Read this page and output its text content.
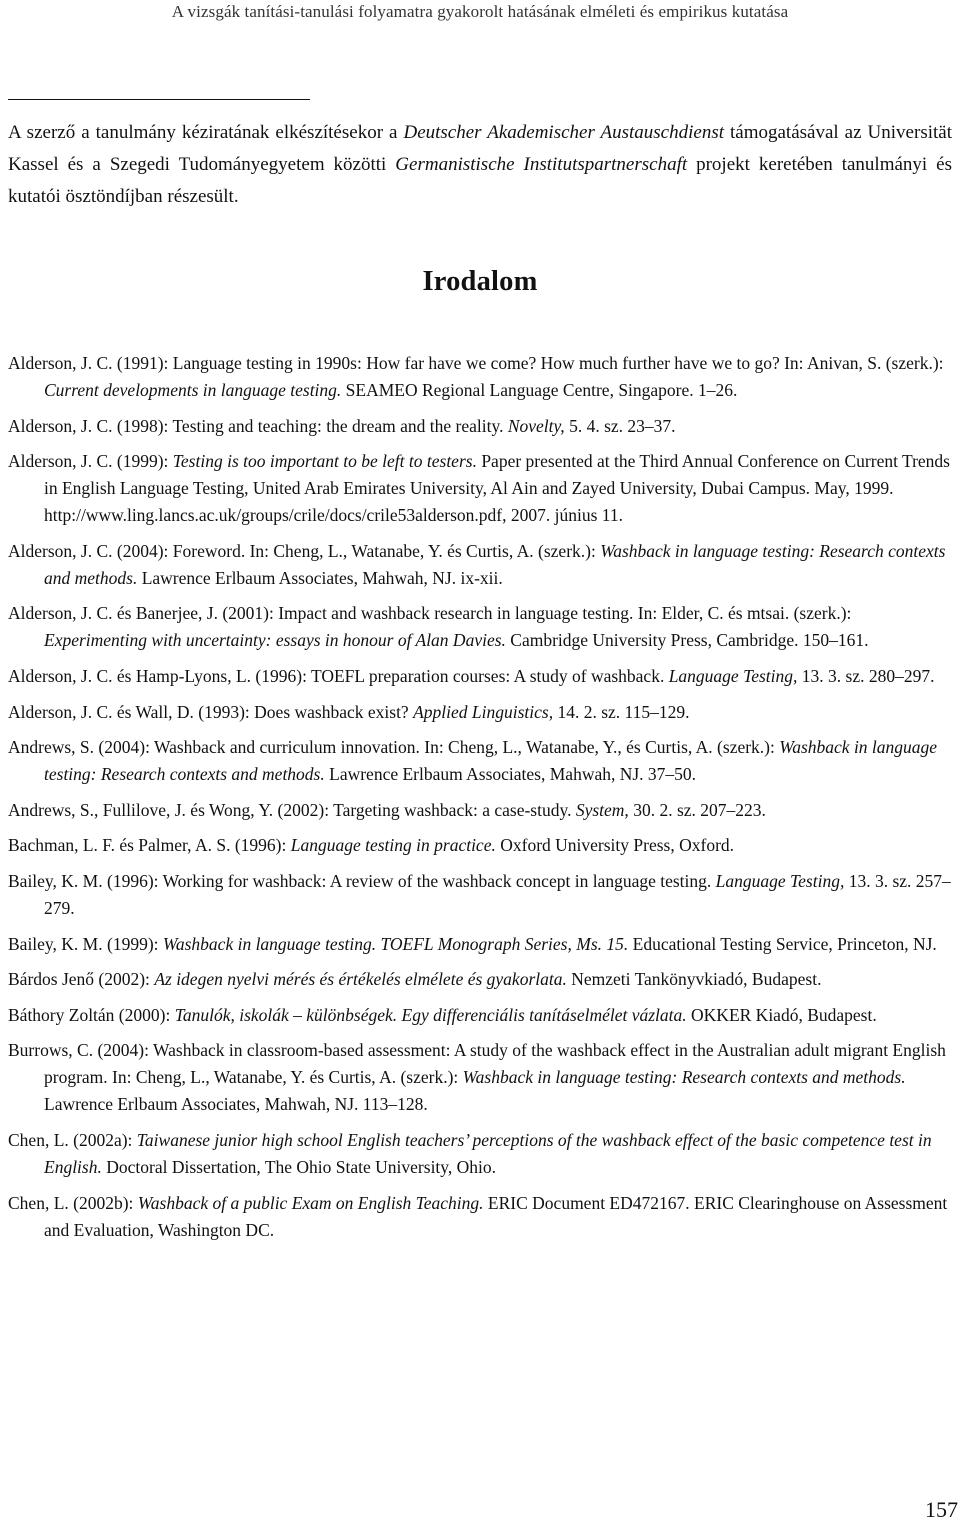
A vizsgák tanítási-tanulási folyamatra gyakorolt hatásának elméleti és empirikus kutatása
A szerző a tanulmány kéziratának elkészítésekor a Deutscher Akademischer Austauschdienst támogatásával az Universität Kassel és a Szegedi Tudományegyetem közötti Germanistische Institutspartnerschaft projekt keretében tanulmányi és kutatói ösztöndíjban részesült.
Irodalom
Alderson, J. C. (1991): Language testing in 1990s: How far have we come? How much further have we to go? In: Anivan, S. (szerk.): Current developments in language testing. SEAMEO Regional Language Centre, Singapore. 1–26.
Alderson, J. C. (1998): Testing and teaching: the dream and the reality. Novelty, 5. 4. sz. 23–37.
Alderson, J. C. (1999): Testing is too important to be left to testers. Paper presented at the Third Annual Conference on Current Trends in English Language Testing, United Arab Emirates University, Al Ain and Zayed University, Dubai Campus. May, 1999. http://www.ling.lancs.ac.uk/groups/crile/docs/crile53alderson.pdf, 2007. június 11.
Alderson, J. C. (2004): Foreword. In: Cheng, L., Watanabe, Y. és Curtis, A. (szerk.): Washback in language testing: Research contexts and methods. Lawrence Erlbaum Associates, Mahwah, NJ. ix-xii.
Alderson, J. C. és Banerjee, J. (2001): Impact and washback research in language testing. In: Elder, C. és mtsai. (szerk.): Experimenting with uncertainty: essays in honour of Alan Davies. Cambridge University Press, Cambridge. 150–161.
Alderson, J. C. és Hamp-Lyons, L. (1996): TOEFL preparation courses: A study of washback. Language Testing, 13. 3. sz. 280–297.
Alderson, J. C. és Wall, D. (1993): Does washback exist? Applied Linguistics, 14. 2. sz. 115–129.
Andrews, S. (2004): Washback and curriculum innovation. In: Cheng, L., Watanabe, Y., és Curtis, A. (szerk.): Washback in language testing: Research contexts and methods. Lawrence Erlbaum Associates, Mahwah, NJ. 37–50.
Andrews, S., Fullilove, J. és Wong, Y. (2002): Targeting washback: a case-study. System, 30. 2. sz. 207–223.
Bachman, L. F. és Palmer, A. S. (1996): Language testing in practice. Oxford University Press, Oxford.
Bailey, K. M. (1996): Working for washback: A review of the washback concept in language testing. Language Testing, 13. 3. sz. 257–279.
Bailey, K. M. (1999): Washback in language testing. TOEFL Monograph Series, Ms. 15. Educational Testing Service, Princeton, NJ.
Bárdos Jenő (2002): Az idegen nyelvi mérés és értékelés elmélete és gyakorlata. Nemzeti Tankönyvkiadó, Budapest.
Báthory Zoltán (2000): Tanulók, iskolák – különbségek. Egy differenciális tanításelmélet vázlata. OKKER Kiadó, Budapest.
Burrows, C. (2004): Washback in classroom-based assessment: A study of the washback effect in the Australian adult migrant English program. In: Cheng, L., Watanabe, Y. és Curtis, A. (szerk.): Washback in language testing: Research contexts and methods. Lawrence Erlbaum Associates, Mahwah, NJ. 113–128.
Chen, L. (2002a): Taiwanese junior high school English teachers’ perceptions of the washback effect of the basic competence test in English. Doctoral Dissertation, The Ohio State University, Ohio.
Chen, L. (2002b): Washback of a public Exam on English Teaching. ERIC Document ED472167. ERIC Clearinghouse on Assessment and Evaluation, Washington DC.
157
